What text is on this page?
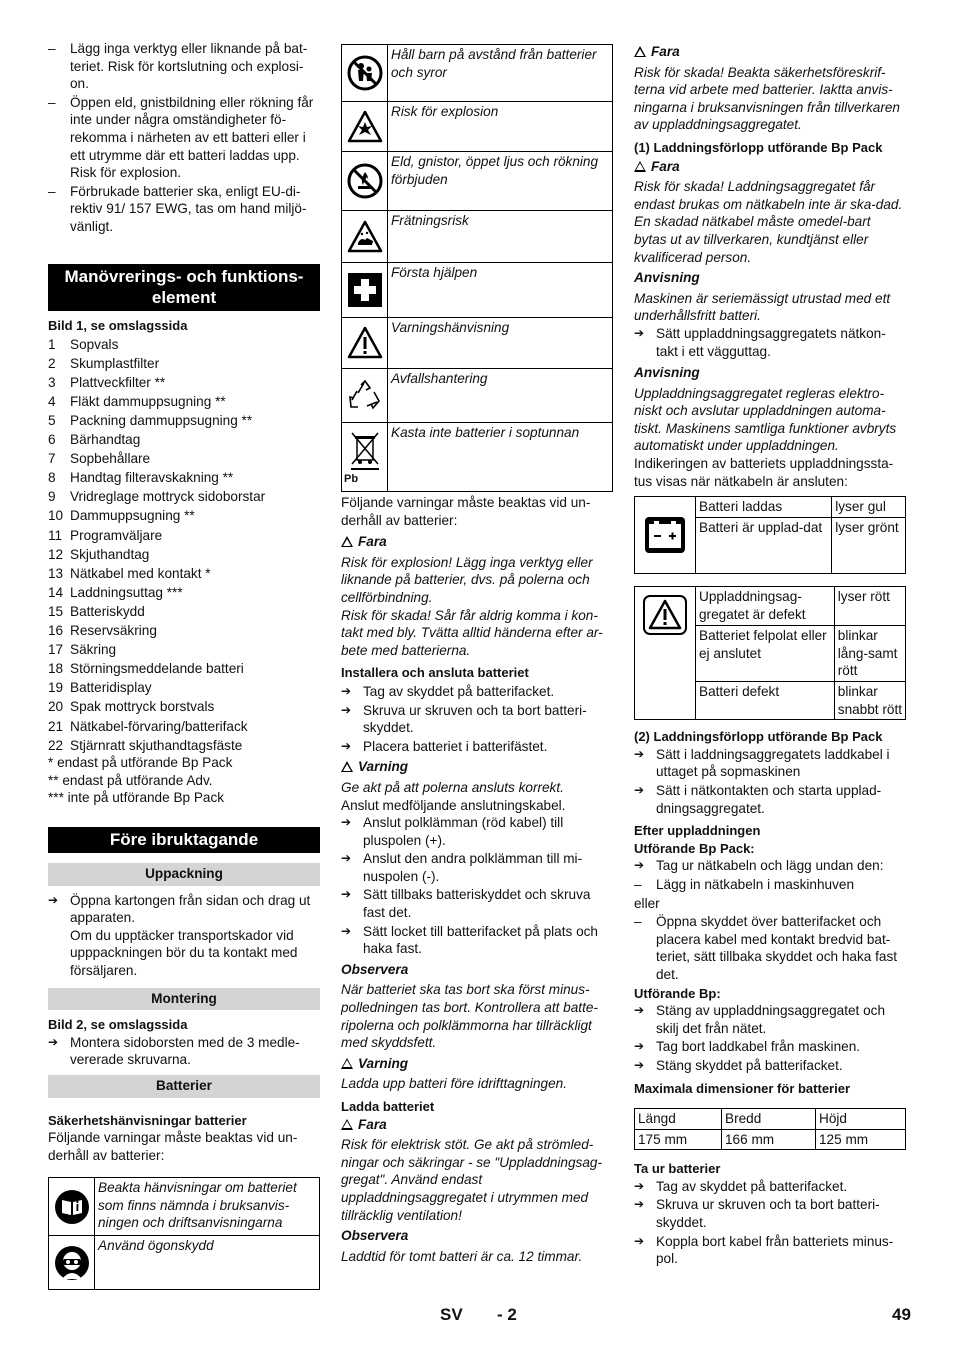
– Lägg inga verktyg eller liknande på bat-teriet. Risk för kortslutning och explosi-on.
– Öppen eld, gnistbildning eller rökning får inte under några omständigheter fö-rekomma i närheten av ett batteri eller i ett utrymme där ett batteri laddas upp. Risk för explosion.
– Förbrukade batterier ska, enligt EU-di-rektiv 91/ 157 EWG, tas om hand miljö-vänligt.
Manövrerings- och funktions-element
Bild 1, se omslagssida
1 Sopvals
2 Skumplastfilter
3 Plattveckfilter **
4 Fläkt dammuppsugning **
5 Packning dammuppsugning **
6 Bärhandtag
7 Sopbehållare
8 Handtag filteravskakning **
9 Vridreglage mottryck sidoborstar
10 Dammuppsugning **
11 Programväljare
12 Skjuthandtag
13 Nätkabel med kontakt *
14 Laddningsuttag ***
15 Batteriskydd
16 Reservsäkring
17 Säkring
18 Störningsmeddelande batteri
19 Batteridisplay
20 Spak mottryck borstvals
21 Nätkabel-förvaring/batterifack
22 Stjärnratt skjuthandtagsfäste
* endast på utförande Bp Pack
** endast på utförande Adv.
*** inte på utförande Bp Pack
Före ibruktagande
Uppackning
➔ Öppna kartongen från sidan och drag ut apparaten.
Om du upptäcker transportskador vid upppackningen bör du ta kontakt med försäljaren.
Montering
Bild 2, se omslagssida
➔ Montera sidoborsten med de 3 medle-vererade skruvarna.
Batterier
Säkerhetshänvisningar batterier
Följande varningar måste beaktas vid un-derhåll av batterier:
	Beakta hänvisningar om batteriet som finns nämnda i bruksanvis-ningen och driftsanvisningarna

	Använd ögonskydd
	Håll barn på avstånd från batterier och syror

	Risk för explosion

	Eld, gnistor, öppet ljus och rökning förbjuden

	Frätningsrisk

	Första hjälpen

	Varningshänvisning

	Avfallshantering

Pb	Kasta inte batterier i soptunnan
Följande varningar måste beaktas vid un-derhåll av batterier:
Fara
Risk för explosion! Lägg inga verktyg eller liknande på batterier, dvs. på polerna och cellförbindning.
Risk för skada! Sår får aldrig komma i kon-takt med bly. Tvätta alltid händerna efter ar-bete med batterierna.
Installera och ansluta batteriet
➔ Tag av skyddet på batterifacket.
➔ Skruva ur skruven och ta bort batteri-skyddet.
➔ Placera batteriet i batterifästet.
Varning
Ge akt på att polerna ansluts korrekt.
Anslut medföljande anslutningskabel.
➔ Anslut polklämman (röd kabel) till pluspolen (+).
➔ Anslut den andra polklämman till mi-nuspolen (-).
➔ Sätt tillbaks batteriskyddet och skruva fast det.
➔ Sätt locket till batterifacket på plats och haka fast.
Observera
När batteriet ska tas bort ska först minus-polledningen tas bort. Kontrollera att batte-ripolerna och polklämmorna har tillräckligt med skyddsfett.
Varning
Ladda upp batteri före idrifttagningen.
Ladda batteriet
Fara
Risk för elektrisk stöt. Ge akt på strömled-ningar och säkringar - se "Uppladdningsag-gregat". Använd endast uppladdningsaggregatet i utrymmen med tillräcklig ventilation!
Observera
Laddtid för tomt batteri är ca. 12 timmar.
Fara
Risk för skada! Beakta säkerhetsföreskrif-terna vid arbete med batterier. Iaktta anvis-ningarna i bruksanvisningen från tillverkaren av uppladdningsaggregatet.
(1) Laddningsförlopp utförande Bp Pack
Fara
Risk för skada! Laddningsaggregatet får endast brukas om nätkabeln inte är ska-dad. En skadad nätkabel måste omedel-bart bytas ut av tillverkaren, kundtjänst eller kvalificerad person.
Anvisning
Maskinen är seriemässigt utrustad med ett underhållsfritt batteri.
➔ Sätt uppladdningsaggregatets nätkon-takt i ett vägguttag.
Anvisning
Uppladdningsaggregatet regleras elektro-niskt och avslutar uppladdningen automa-tiskt. Maskinens samtliga funktioner avbryts automatiskt under uppladdningen.
Indikeringen av batteriets uppladdningssta-tus visas när nätkabeln är ansluten:
	Batteri laddas	lyser gul
	Batteri är upplad-dat	lyser grönt
	Uppladdningsag-gregatet är defekt	lyser rött
	Batteriet felpolat eller ej anslutet	blinkar lång-samt rött
	Batteri defekt	blinkar snabbt rött
(2) Laddningsförlopp utförande Bp Pack
➔ Sätt i laddningsaggregatets laddkabel i uttaget på sopmaskinen
➔ Sätt i nätkontakten och starta upplad-dningsaggregatet.
Efter uppladdningen
Utförande Bp Pack:
➔ Tag ur nätkabeln och lägg undan den:
– Lägg in nätkabeln i maskinhuven
eller
– Öppna skyddet över batterifacket och placera kabel med kontakt bredvid bat-teriet, sätt tillbaka skyddet och haka fast det.
Utförande Bp:
➔ Stäng av uppladdningsaggregatet och skilj det från nätet.
➔ Tag bort laddkabel från maskinen.
➔ Stäng skyddet på batterifacket.
Maximala dimensioner för batterier
Längd	Bredd	Höjd
175 mm	166 mm	125 mm
Ta ur batterier
➔ Tag av skyddet på batterifacket.
➔ Skruva ur skruven och ta bort batteri-skyddet.
➔ Koppla bort kabel från batteriets minus-pol.
SV - 2	49
